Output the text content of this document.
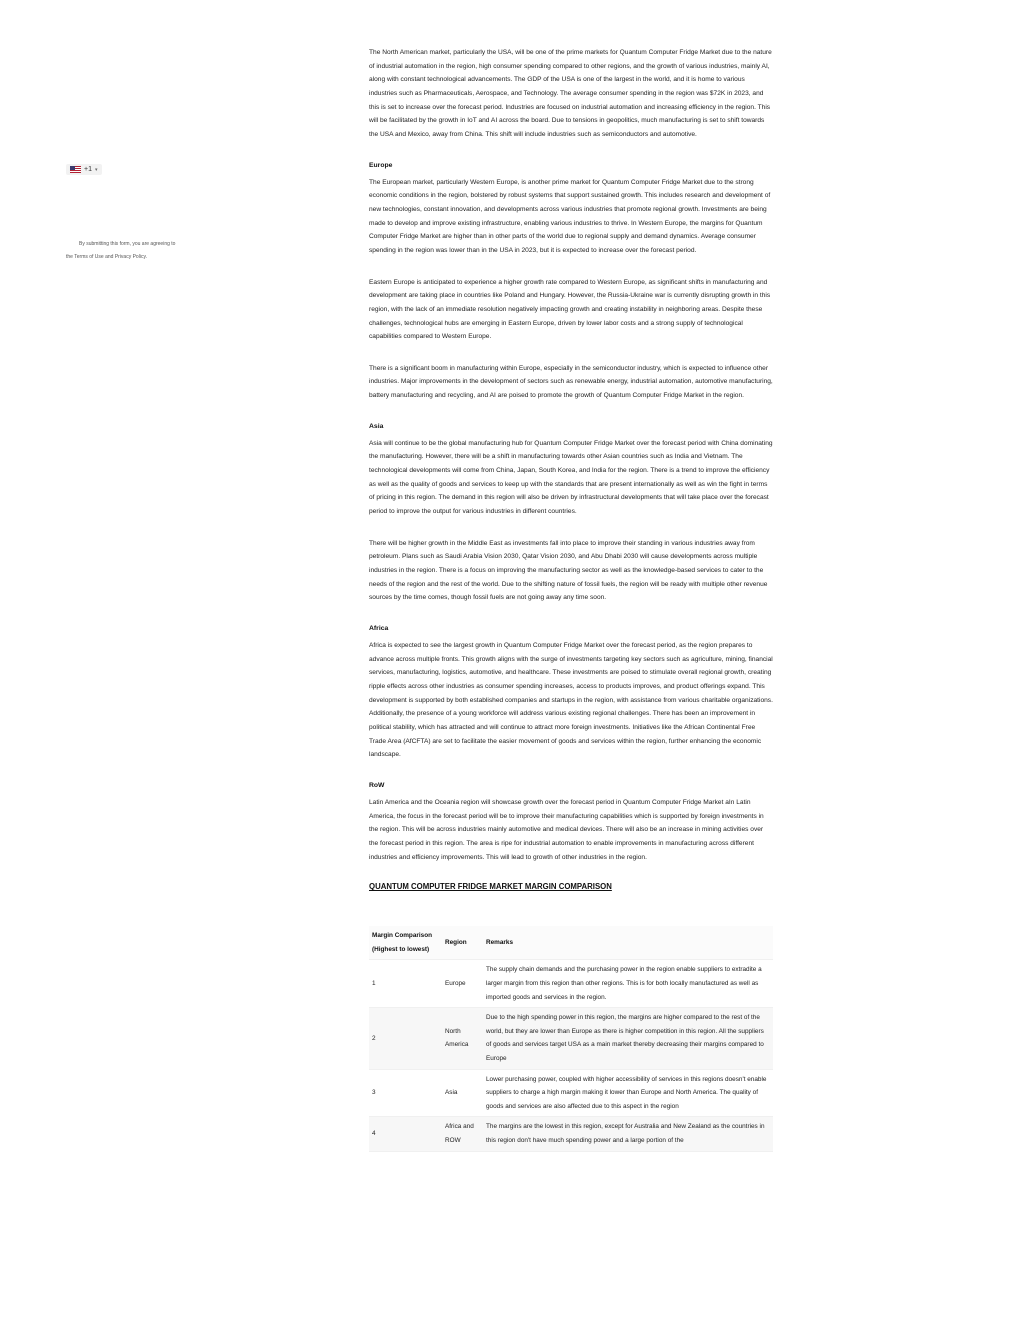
+1 ▾
By submitting this form, you are agreeing to
the Terms of Use and Privacy Policy.

The North American market, particularly the USA, will be one of the prime markets for Quantum Computer Fridge Market due to the nature of industrial automation in the region, high consumer spending compared to other regions, and the growth of various industries, mainly AI, along with constant technological advancements. The GDP of the USA is one of the largest in the world, and it is home to various industries such as Pharmaceuticals, Aerospace, and Technology. The average consumer spending in the region was $72K in 2023, and this is set to increase over the forecast period. Industries are focused on industrial automation and increasing efficiency in the region. This will be facilitated by the growth in IoT and AI across the board. Due to tensions in geopolitics, much manufacturing is set to shift towards the USA and Mexico, away from China. This shift will include industries such as semiconductors and automotive.

Europe

The European market, particularly Western Europe, is another prime market for Quantum Computer Fridge Market due to the strong economic conditions in the region, bolstered by robust systems that support sustained growth. This includes research and development of new technologies, constant innovation, and developments across various industries that promote regional growth. Investments are being made to develop and improve existing infrastructure, enabling various industries to thrive. In Western Europe, the margins for Quantum Computer Fridge Market are higher than in other parts of the world due to regional supply and demand dynamics. Average consumer spending in the region was lower than in the USA in 2023, but it is expected to increase over the forecast period.

Eastern Europe is anticipated to experience a higher growth rate compared to Western Europe, as significant shifts in manufacturing and development are taking place in countries like Poland and Hungary. However, the Russia-Ukraine war is currently disrupting growth in this region, with the lack of an immediate resolution negatively impacting growth and creating instability in neighboring areas. Despite these challenges, technological hubs are emerging in Eastern Europe, driven by lower labor costs and a strong supply of technological capabilities compared to Western Europe.

There is a significant boom in manufacturing within Europe, especially in the semiconductor industry, which is expected to influence other industries. Major improvements in the development of sectors such as renewable energy, industrial automation, automotive manufacturing, battery manufacturing and recycling, and AI are poised to promote the growth of Quantum Computer Fridge Market in the region.

Asia

Asia will continue to be the global manufacturing hub for Quantum Computer Fridge Market over the forecast period with China dominating the manufacturing. However, there will be a shift in manufacturing towards other Asian countries such as India and Vietnam. The technological developments will come from China, Japan, South Korea, and India for the region. There is a trend to improve the efficiency as well as the quality of goods and services to keep up with the standards that are present internationally as well as win the fight in terms of pricing in this region. The demand in this region will also be driven by infrastructural developments that will take place over the forecast period to improve the output for various industries in different countries.

There will be higher growth in the Middle East as investments fall into place to improve their standing in various industries away from petroleum. Plans such as Saudi Arabia Vision 2030, Qatar Vision 2030, and Abu Dhabi 2030 will cause developments across multiple industries in the region. There is a focus on improving the manufacturing sector as well as the knowledge-based services to cater to the needs of the region and the rest of the world. Due to the shifting nature of fossil fuels, the region will be ready with multiple other revenue sources by the time comes, though fossil fuels are not going away any time soon.

Africa

Africa is expected to see the largest growth in Quantum Computer Fridge Market over the forecast period, as the region prepares to advance across multiple fronts. This growth aligns with the surge of investments targeting key sectors such as agriculture, mining, financial services, manufacturing, logistics, automotive, and healthcare. These investments are poised to stimulate overall regional growth, creating ripple effects across other industries as consumer spending increases, access to products improves, and product offerings expand. This development is supported by both established companies and startups in the region, with assistance from various charitable organizations. Additionally, the presence of a young workforce will address various existing regional challenges. There has been an improvement in political stability, which has attracted and will continue to attract more foreign investments. Initiatives like the African Continental Free Trade Area (AfCFTA) are set to facilitate the easier movement of goods and services within the region, further enhancing the economic landscape.

RoW

Latin America and the Oceania region will showcase growth over the forecast period in Quantum Computer Fridge Market aIn Latin America, the focus in the forecast period will be to improve their manufacturing capabilities which is supported by foreign investments in the region. This will be across industries mainly automotive and medical devices. There will also be an increase in mining activities over the forecast period in this region. The area is ripe for industrial automation to enable improvements in manufacturing across different industries and efficiency improvements. This will lead to growth of other industries in the region.

QUANTUM COMPUTER FRIDGE MARKET MARGIN COMPARISON
Margin Comparison (Highest to lowest)	Region	Remarks
1	Europe	The supply chain demands and the purchasing power in the region enable suppliers to extradite a larger margin from this region than other regions. This is for both locally manufactured as well as imported goods and services in the region.
2	North America	Due to the high spending power in this region, the margins are higher compared to the rest of the world, but they are lower than Europe as there is higher competition in this region. All the suppliers of goods and services target USA as a main market thereby decreasing their margins compared to Europe
3	Asia	Lower purchasing power, coupled with higher accessibility of services in this regions doesn't enable suppliers to charge a high margin making it lower than Europe and North America. The quality of goods and services are also affected due to this aspect in the region
4	Africa and ROW	The margins are the lowest in this region, except for Australia and New Zealand as the countries in this region don't have much spending power and a large portion of the
